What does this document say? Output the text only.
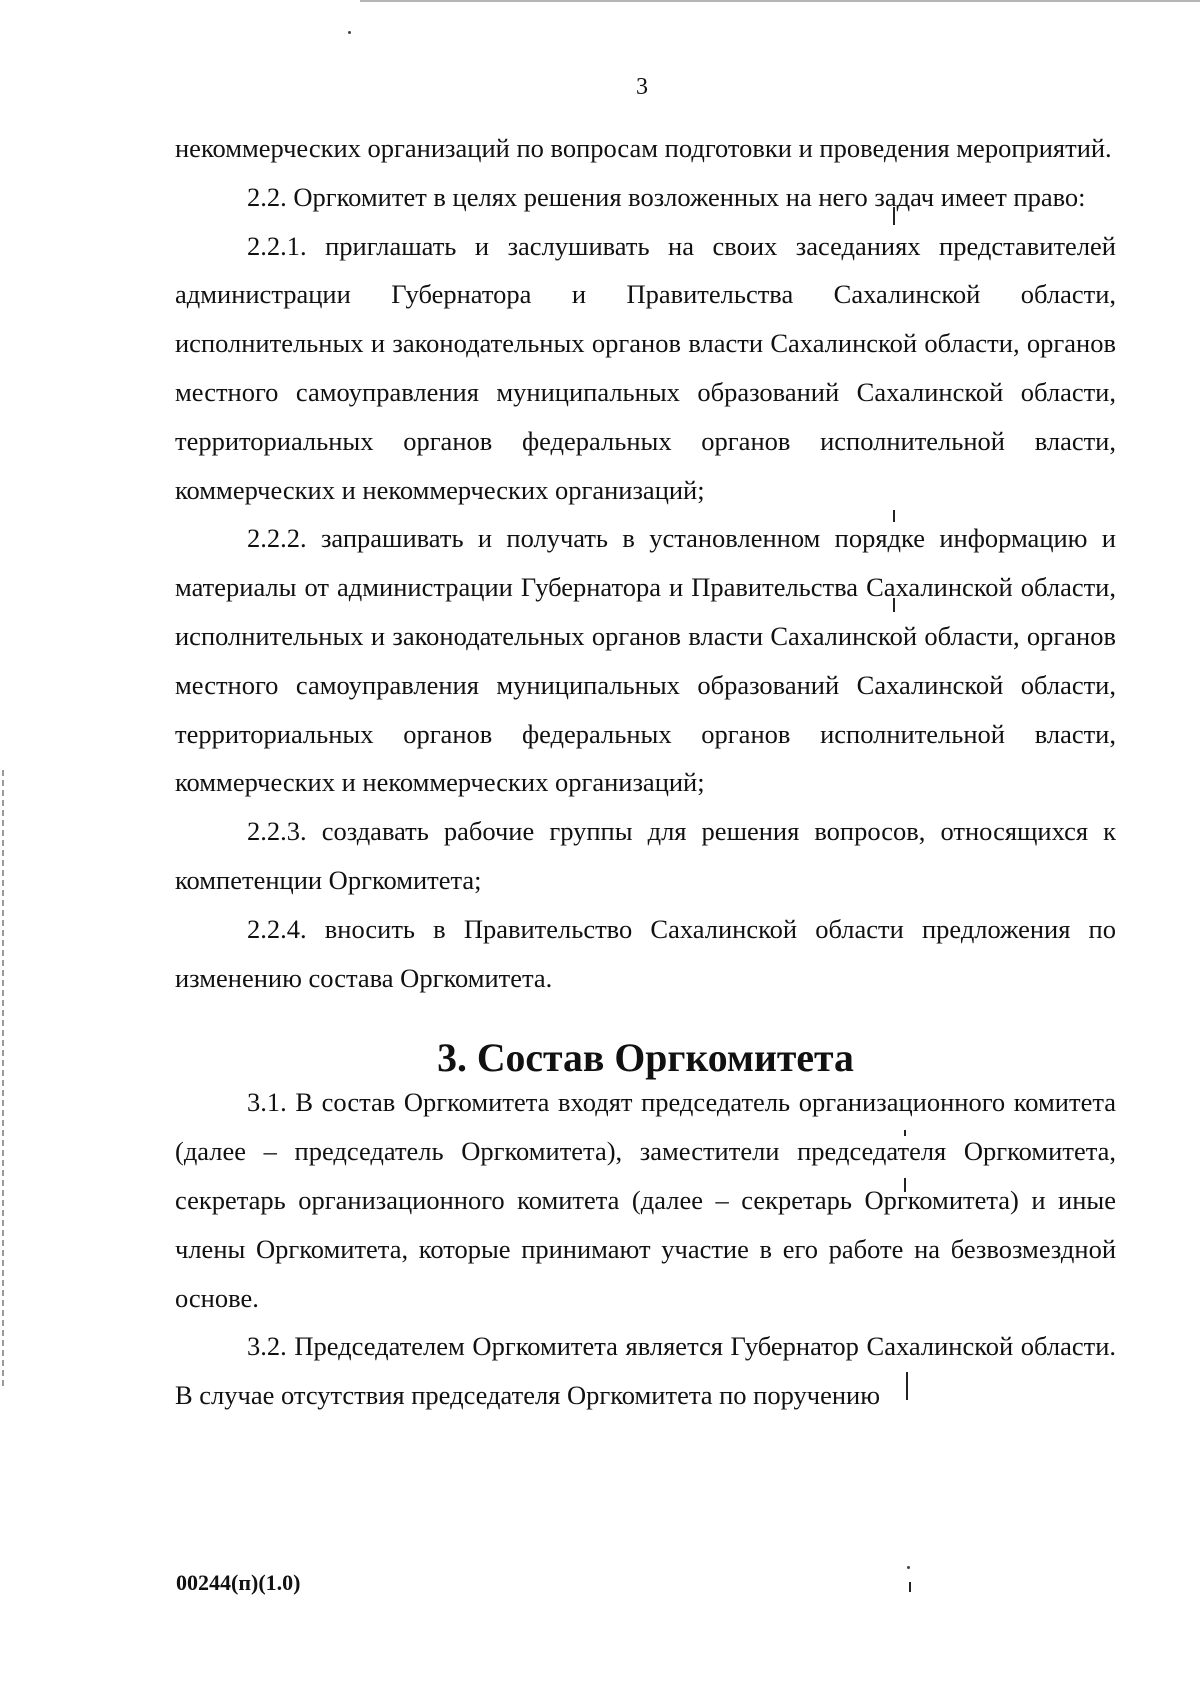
3

некоммерческих организаций по вопросам подготовки и проведения мероприятий.

2.2. Оргкомитет в целях решения возложенных на него задач имеет право:

2.2.1. приглашать и заслушивать на своих заседаниях представителей администрации Губернатора и Правительства Сахалинской области, исполнительных и законодательных органов власти Сахалинской области, органов местного самоуправления муниципальных образований Сахалинской области, территориальных органов федеральных органов исполнительной власти, коммерческих и некоммерческих организаций;

2.2.2. запрашивать и получать в установленном порядке информацию и материалы от администрации Губернатора и Правительства Сахалинской области, исполнительных и законодательных органов власти Сахалинской области, органов местного самоуправления муниципальных образований Сахалинской области, территориальных органов федеральных органов исполнительной власти, коммерческих и некоммерческих организаций;

2.2.3. создавать рабочие группы для решения вопросов, относящихся к компетенции Оргкомитета;

2.2.4. вносить в Правительство Сахалинской области предложения по изменению состава Оргкомитета.

3. Состав Оргкомитета

3.1. В состав Оргкомитета входят председатель организационного комитета (далее – председатель Оргкомитета), заместители председателя Оргкомитета, секретарь организационного комитета (далее – секретарь Оргкомитета) и иные члены Оргкомитета, которые принимают участие в его работе на безвозмездной основе.

3.2. Председателем Оргкомитета является Губернатор Сахалинской области. В случае отсутствия председателя Оргкомитета по поручению

00244(п)(1.0)
